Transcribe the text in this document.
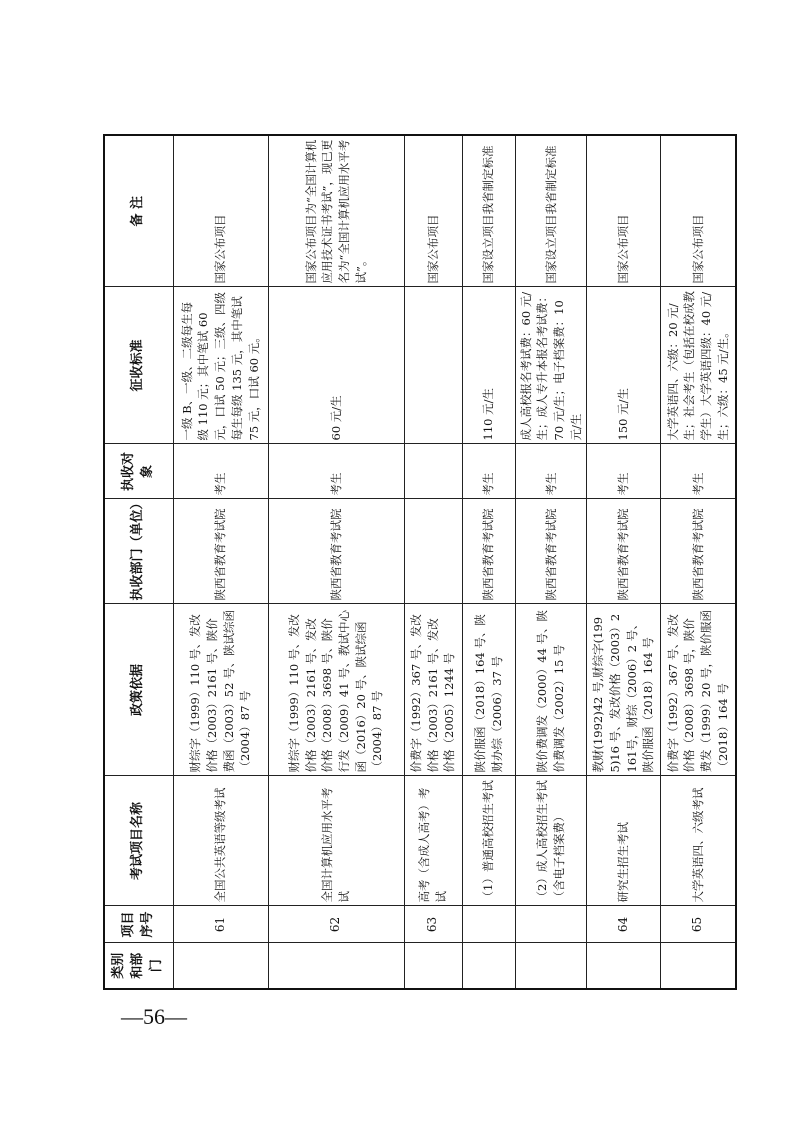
—56—
类别和部门	项目序号	考试项目名称	政策依据	执收部门（单位）	执收对象	征收标准	备 注
	61	全国公共英语等级考试	财综字（1999）110 号、发改价格（2003）2161 号、陕价费函（2003）52 号、陕试综函（2004）87 号	陕西省教育考试院	考生	一级 B、一级、二级每生每级 110 元；其中笔试 60 元，口试 50 元；三级、四级每生每级 135 元，其中笔试 75 元，口试 60 元。	国家公布项目
	62	全国计算机应用水平考试	财综字（1999）110 号、发改价格（2003）2161 号、发改价格（2008）3698 号、陕价行发（2009）41 号、教试中心函（2016）20 号、陕试综函（2004）87 号	陕西省教育考试院	考生	60 元/生	国家公布项目为“全国计算机应用技术证书考试”，现已更名为“全国计算机应用水平考试”。
	63	高考（含成人高考）考试	价费字（1992）367 号、发改价格（2003）2161 号、发改价格（2005）1244 号				国家公布项目
		（1）普通高校招生考试	陕价服函（2018）164 号、陕财办综（2006）37 号	陕西省教育考试院	考生	110 元/生	国家设立项目我省制定标准
		（2）成人高校招生考试（含电子档案费）	陕价费调发（2000）44 号、陕价费调发（2002）15 号	陕西省教育考试院	考生	成人高校报名考试费：60 元/生；成人专升本报名考试费：70 元/生；电子档案费：10 元/生	国家设立项目我省制定标准
	64	研究生招生考试	教财(1992)42 号,财综字(1995)16 号、发改价格（2003）2161号，财综（2006）2 号、陕价服函（2018）164 号	陕西省教育考试院	考生	150 元/生	国家公布项目
	65	大学英语四、六级考试	价费字（1992）367 号、发改价格（2008）3698 号，陕价费发（1999）20 号，陕价服函（2018）164 号	陕西省教育考试院	考生	大学英语四、六级：20 元/生；社会考生（包括在校成教学生）大学英语四级：40 元/生；六级：45 元/生。	国家公布项目
